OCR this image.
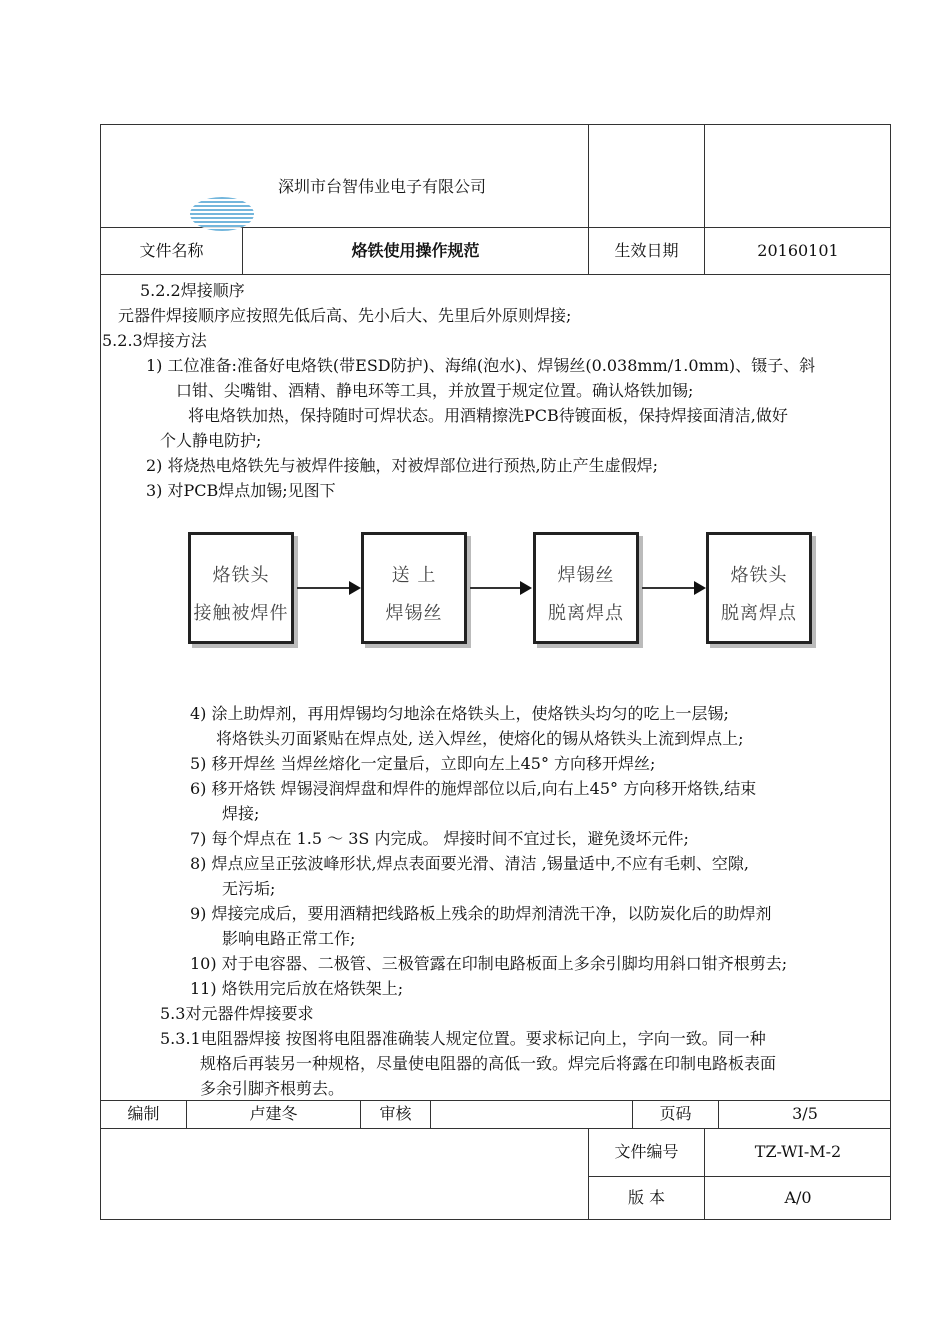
深圳市台智伟业电子有限公司
文件名称	烙铁使用操作规范	生效日期	20160101
5.2.2焊接顺序
元器件焊接顺序应按照先低后高、先小后大、先里后外原则焊接;
5.2.3焊接方法
1) 工位准备:准备好电烙铁(带ESD防护)、海绵(泡水)、焊锡丝(0.038mm/1.0mm)、镊子、斜
口钳、尖嘴钳、酒精、静电环等工具，并放置于规定位置。确认烙铁加锡;
将电烙铁加热，保持随时可焊状态。用酒精擦洗PCB待镀面板，保持焊接面清洁,做好
个人静电防护;
2) 将烧热电烙铁先与被焊件接触，对被焊部位进行预热,防止产生虚假焊;
3) 对PCB焊点加锡;见图下
烙铁头
接触被焊件
送 上
焊锡丝
焊锡丝
脱离焊点
烙铁头
脱离焊点
4) 涂上助焊剂，再用焊锡均匀地涂在烙铁头上，使烙铁头均匀的吃上一层锡;
将烙铁头刃面紧贴在焊点处, 送入焊丝，使熔化的锡从烙铁头上流到焊点上;
5) 移开焊丝 当焊丝熔化一定量后，立即向左上45° 方向移开焊丝;
6) 移开烙铁 焊锡浸润焊盘和焊件的施焊部位以后,向右上45° 方向移开烙铁,结束
焊接;
7) 每个焊点在 1.5 ～ 3S 内完成。 焊接时间不宜过长，避免烫坏元件;
8) 焊点应呈正弦波峰形状,焊点表面要光滑、清洁 ,锡量适中,不应有毛刺、空隙,
无污垢;
9) 焊接完成后，要用酒精把线路板上残余的助焊剂清洗干净，以防炭化后的助焊剂
影响电路正常工作;
10) 对于电容器、二极管、三极管露在印制电路板面上多余引脚均用斜口钳齐根剪去;
11) 烙铁用完后放在烙铁架上;
5.3对元器件焊接要求
5.3.1电阻器焊接 按图将电阻器准确装人规定位置。要求标记向上，字向一致。同一种
规格后再装另一种规格，尽量使电阻器的高低一致。焊完后将露在印制电路板表面
多余引脚齐根剪去。
编制	卢建冬	审核	页码	3/5
文件编号	TZ-WI-M-2
版 本	A/0
